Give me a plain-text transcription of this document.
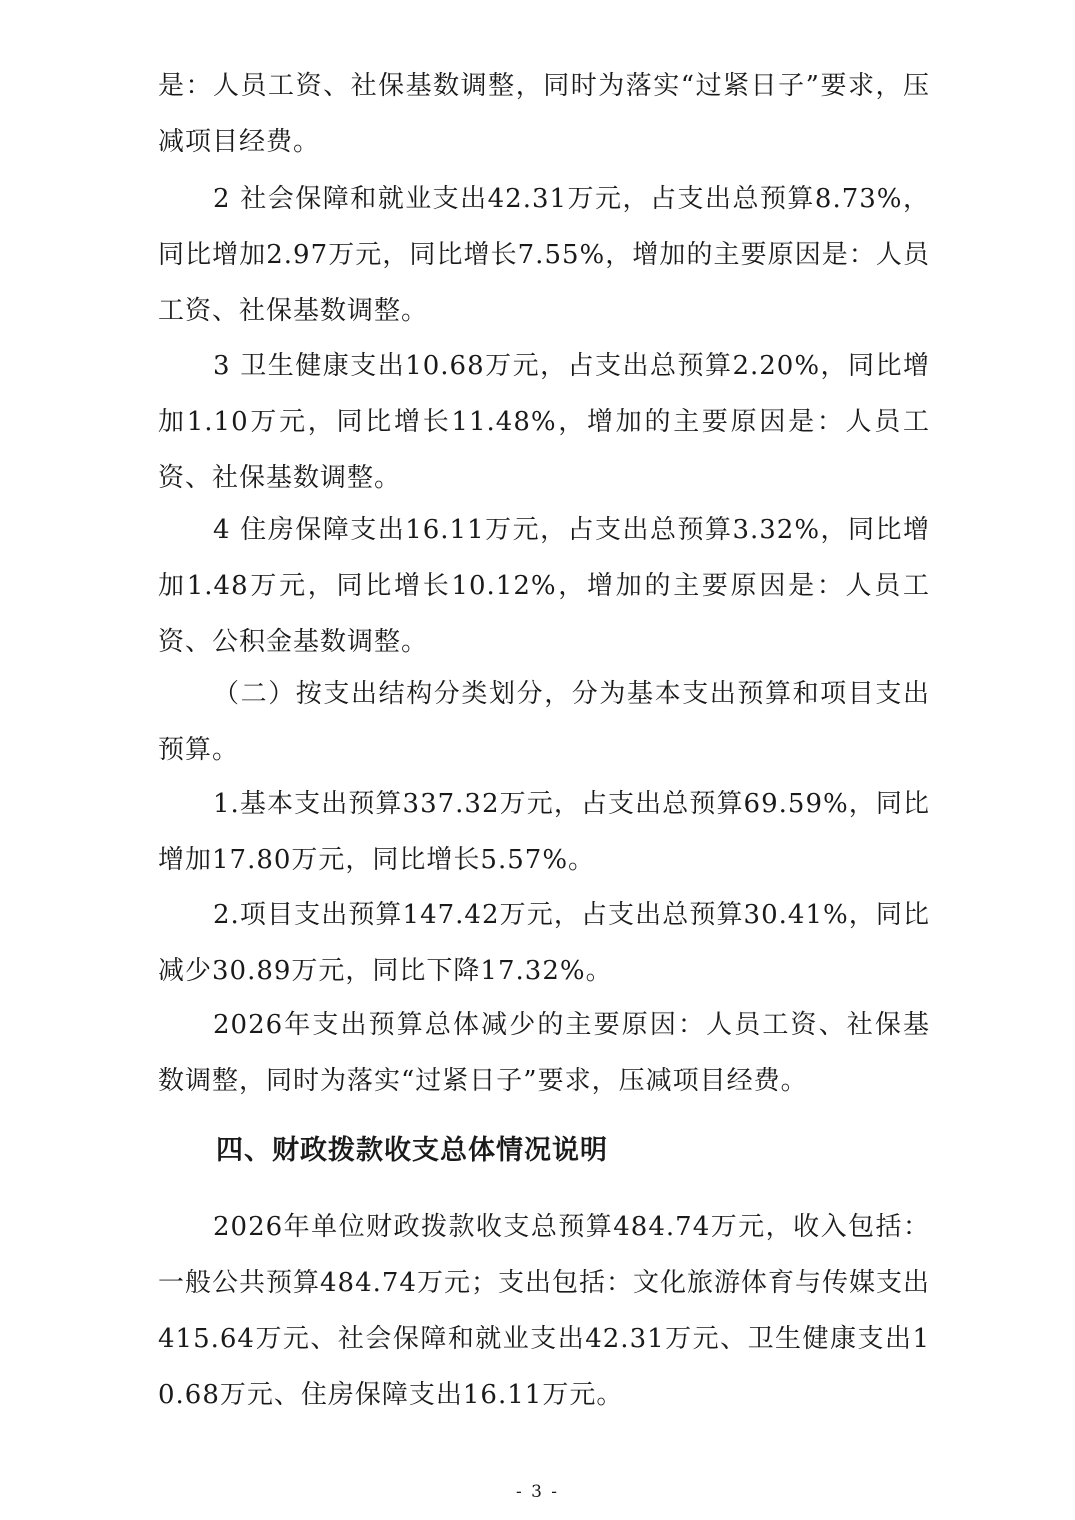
是：人员工资、社保基数调整，同时为落实“过紧日子”要求，压减项目经费。

2 社会保障和就业支出42.31万元，占支出总预算8.73%，同比增加2.97万元，同比增长7.55%，增加的主要原因是：人员工资、社保基数调整。

3 卫生健康支出10.68万元，占支出总预算2.20%，同比增加1.10万元，同比增长11.48%，增加的主要原因是：人员工资、社保基数调整。

4 住房保障支出16.11万元，占支出总预算3.32%，同比增加1.48万元，同比增长10.12%，增加的主要原因是：人员工资、公积金基数调整。

（二）按支出结构分类划分，分为基本支出预算和项目支出预算。

1.基本支出预算337.32万元，占支出总预算69.59%，同比增加17.80万元，同比增长5.57%。

2.项目支出预算147.42万元，占支出总预算30.41%，同比减少30.89万元，同比下降17.32%。

2026年支出预算总体减少的主要原因：人员工资、社保基数调整，同时为落实“过紧日子”要求，压减项目经费。

四、财政拨款收支总体情况说明

2026年单位财政拨款收支总预算484.74万元，收入包括：一般公共预算484.74万元；支出包括：文化旅游体育与传媒支出415.64万元、社会保障和就业支出42.31万元、卫生健康支出10.68万元、住房保障支出16.11万元。

- 3 -
